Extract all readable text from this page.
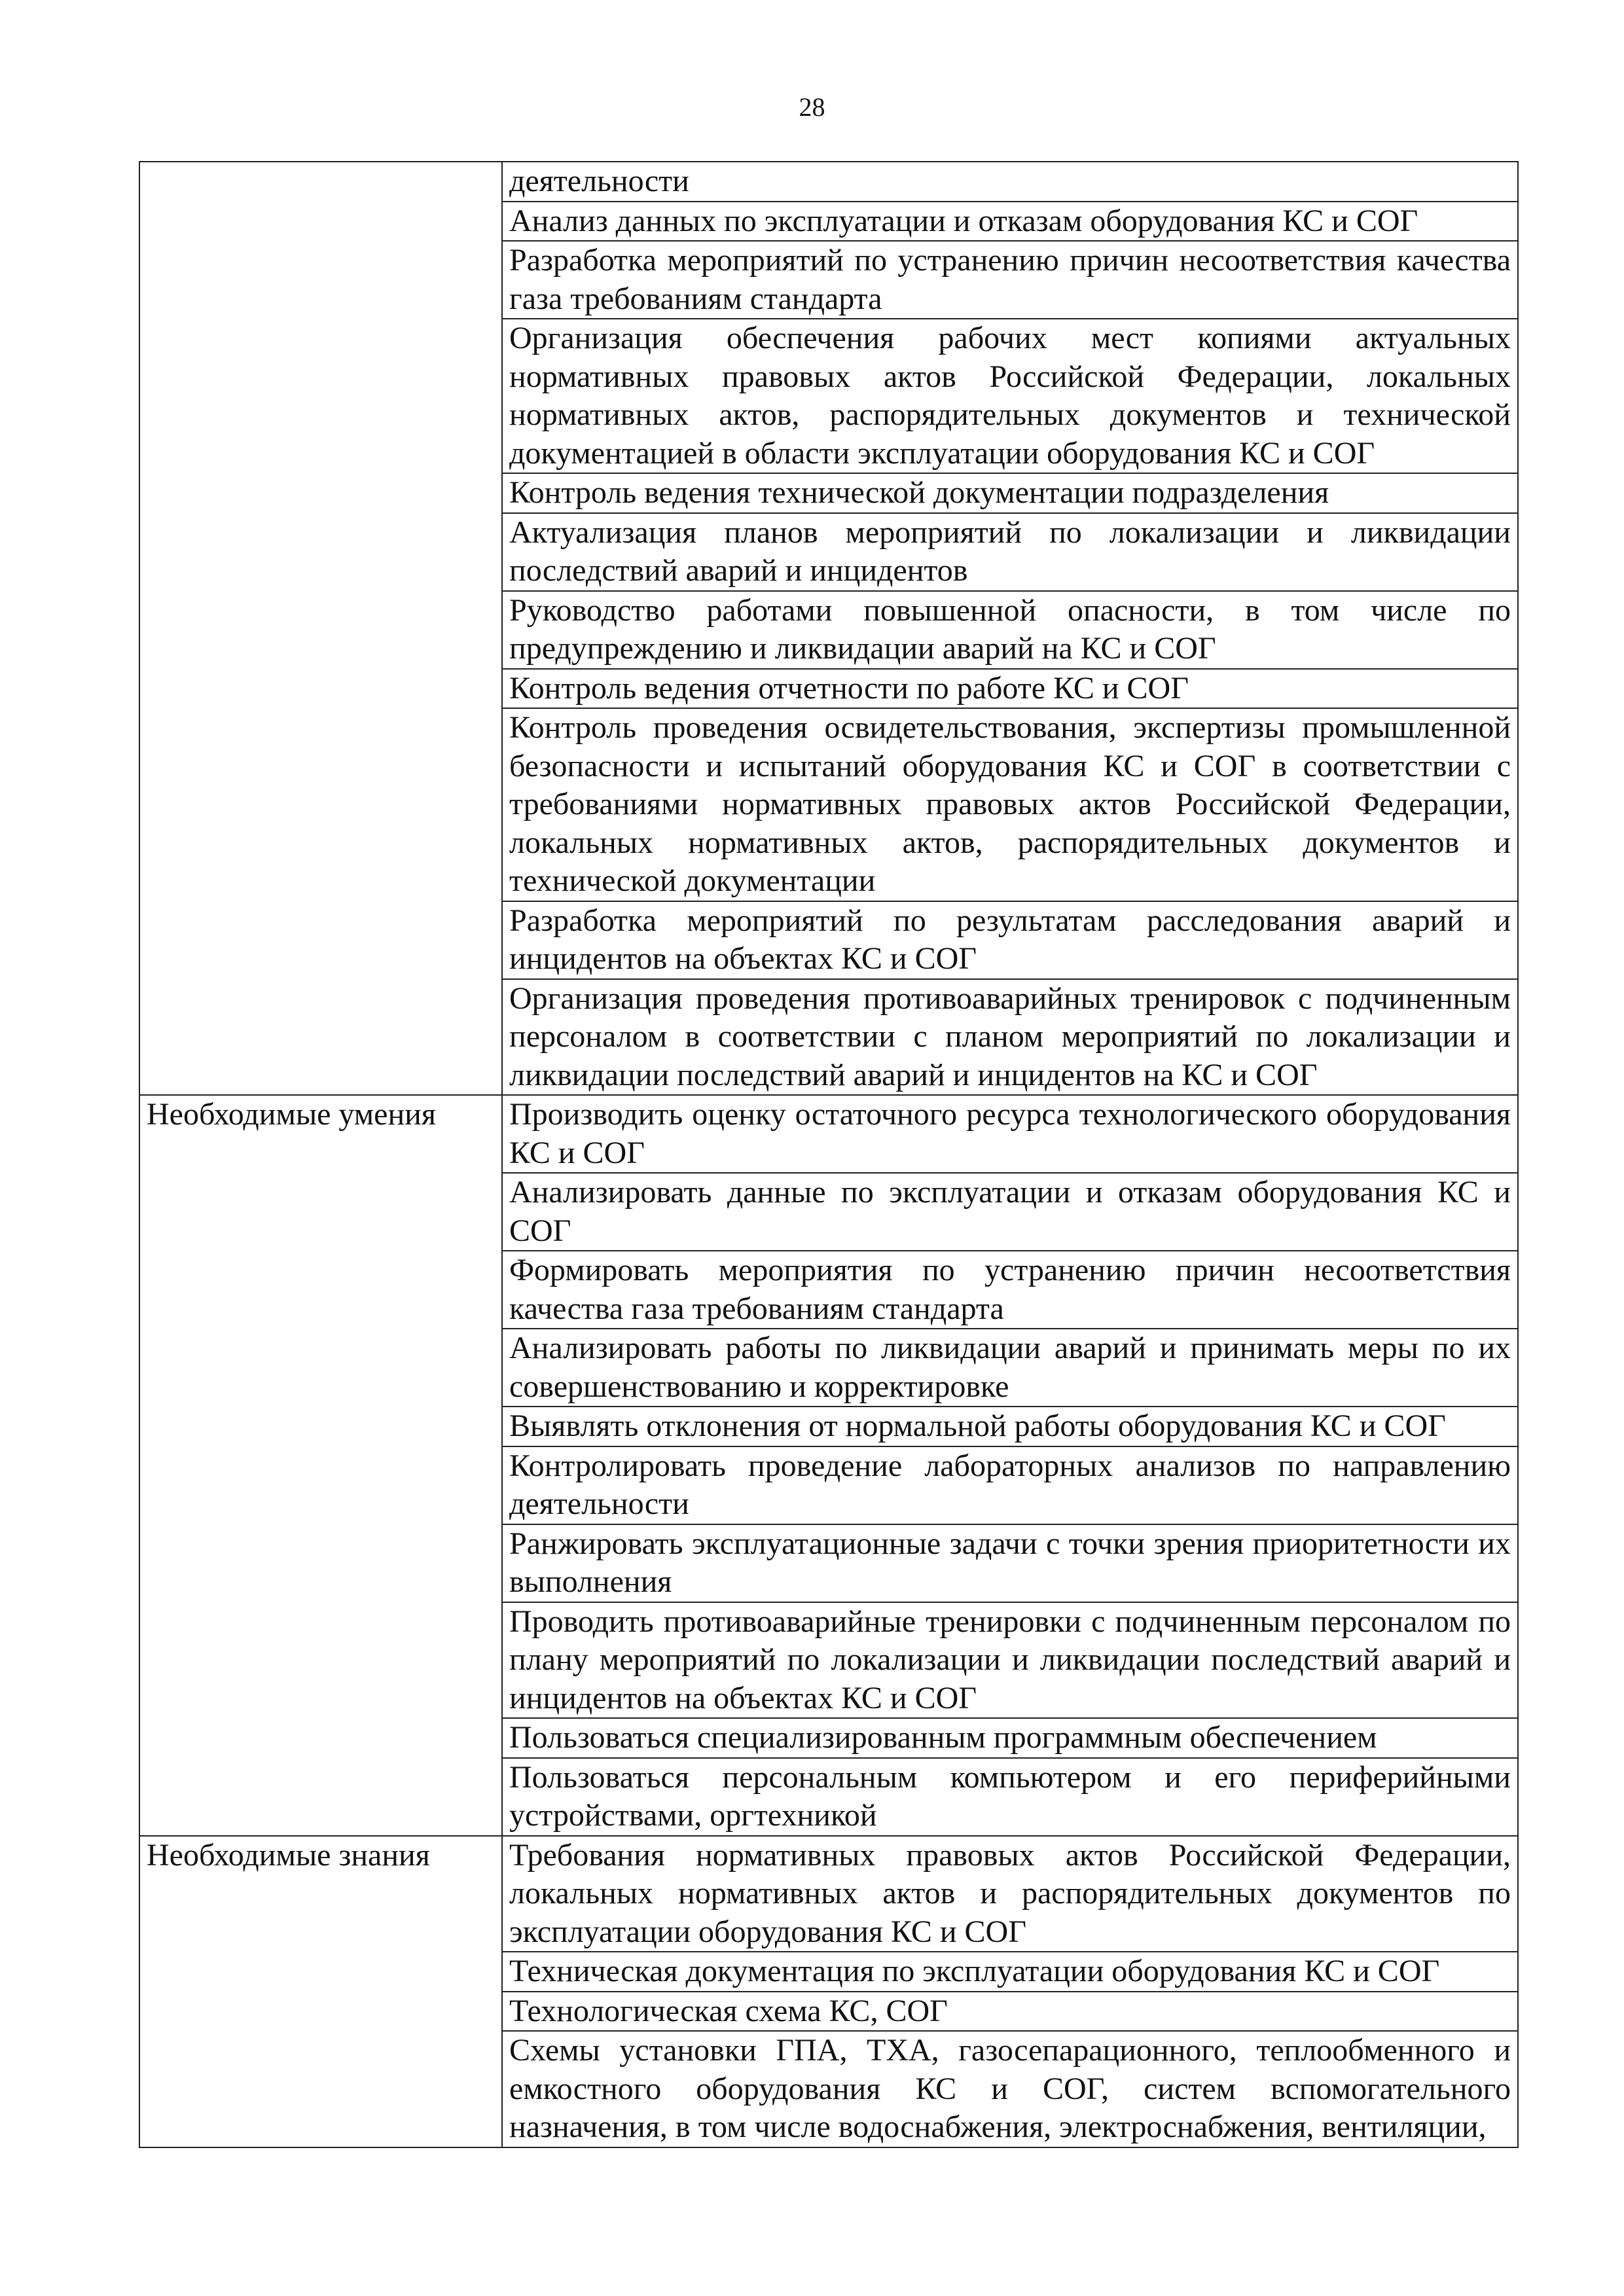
28
	деятельности
	Анализ данных по эксплуатации и отказам оборудования КС и СОГ
	Разработка мероприятий по устранению причин несоответствия качества газа требованиям стандарта
	Организация обеспечения рабочих мест копиями актуальных нормативных правовых актов Российской Федерации, локальных нормативных актов, распорядительных документов и технической документацией в области эксплуатации оборудования КС и СОГ
	Контроль ведения технической документации подразделения
	Актуализация планов мероприятий по локализации и ликвидации последствий аварий и инцидентов
	Руководство работами повышенной опасности, в том числе по предупреждению и ликвидации аварий на КС и СОГ
	Контроль ведения отчетности по работе КС и СОГ
	Контроль проведения освидетельствования, экспертизы промышленной безопасности и испытаний оборудования КС и СОГ в соответствии с требованиями нормативных правовых актов Российской Федерации, локальных нормативных актов, распорядительных документов и технической документации
	Разработка мероприятий по результатам расследования аварий и инцидентов на объектах КС и СОГ
	Организация проведения противоаварийных тренировок с подчиненным персоналом в соответствии с планом мероприятий по локализации и ликвидации последствий аварий и инцидентов на КС и СОГ
Необходимые умения	Производить оценку остаточного ресурса технологического оборудования КС и СОГ
	Анализировать данные по эксплуатации и отказам оборудования КС и СОГ
	Формировать мероприятия по устранению причин несоответствия качества газа требованиям стандарта
	Анализировать работы по ликвидации аварий и принимать меры по их совершенствованию и корректировке
	Выявлять отклонения от нормальной работы оборудования КС и СОГ
	Контролировать проведение лабораторных анализов по направлению деятельности
	Ранжировать эксплуатационные задачи с точки зрения приоритетности их выполнения
	Проводить противоаварийные тренировки с подчиненным персоналом по плану мероприятий по локализации и ликвидации последствий аварий и инцидентов на объектах КС и СОГ
	Пользоваться специализированным программным обеспечением
	Пользоваться персональным компьютером и его периферийными устройствами, оргтехникой
Необходимые знания	Требования нормативных правовых актов Российской Федерации, локальных нормативных актов и распорядительных документов по эксплуатации оборудования КС и СОГ
	Техническая документация по эксплуатации оборудования КС и СОГ
	Технологическая схема КС, СОГ
	Схемы установки ГПА, ТХА, газосепарационного, теплообменного и емкостного оборудования КС и СОГ, систем вспомогательного назначения, в том числе водоснабжения, электроснабжения, вентиляции,
